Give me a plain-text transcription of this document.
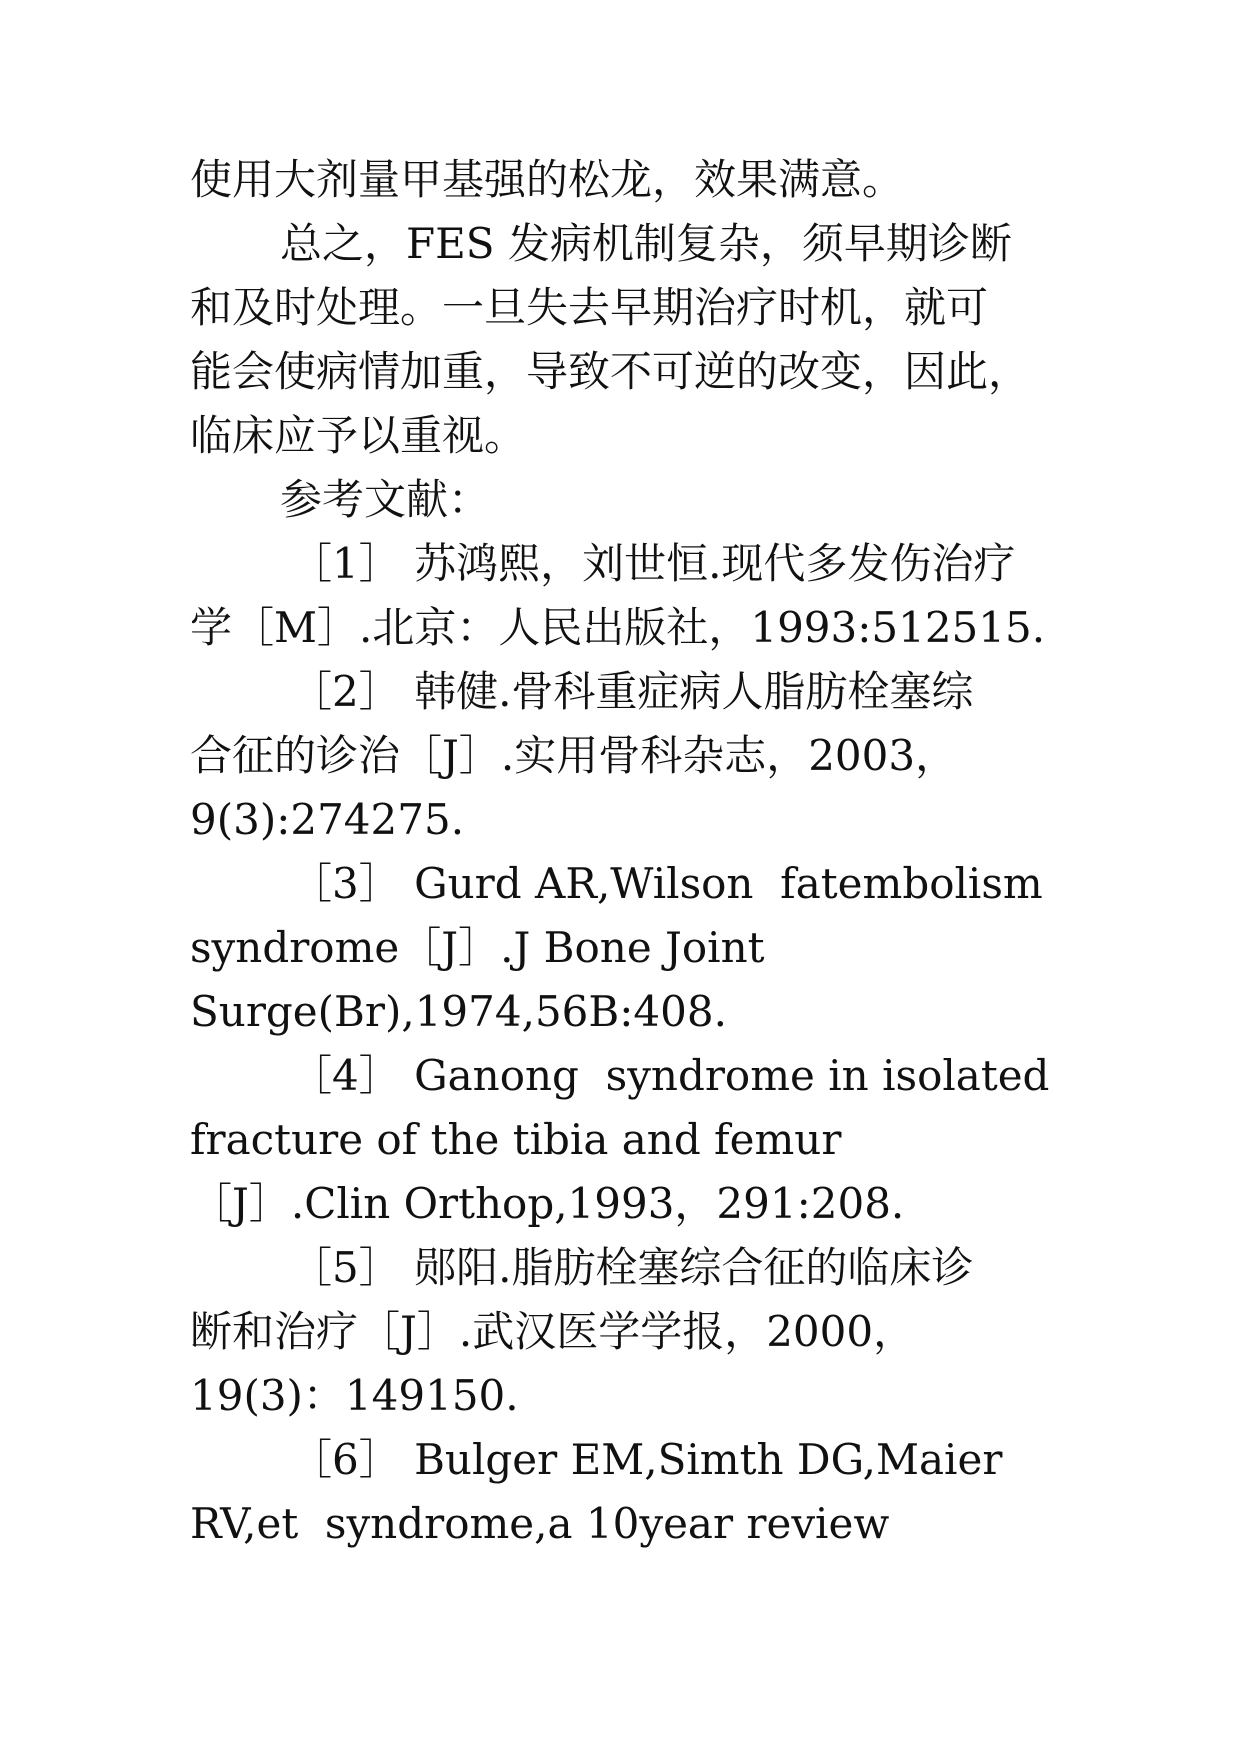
使用大剂量甲基强的松龙，效果满意。
总之，FES 发病机制复杂，须早期诊断
和及时处理。一旦失去早期治疗时机，就可
能会使病情加重，导致不可逆的改变，因此，
临床应予以重视。
参考文献：
［1］ 苏鸿熙，刘世恒.现代多发伤治疗
学［M］.北京：人民出版社，1993:512515.
［2］ 韩健.骨科重症病人脂肪栓塞综
合征的诊治［J］.实用骨科杂志，2003，
9(3):274275.
［3］ Gurd AR,Wilson  fatembolism
syndrome［J］.J Bone Joint
Surge(Br),1974,56B:408.
［4］ Ganong  syndrome in isolated
fracture of the tibia and femur
［J］.Clin Orthop,1993，291:208.
［5］ 郧阳.脂肪栓塞综合征的临床诊
断和治疗［J］.武汉医学学报，2000，
19(3)：149150.
［6］ Bulger EM,Simth DG,Maier
RV,et  syndrome,a 10year review
